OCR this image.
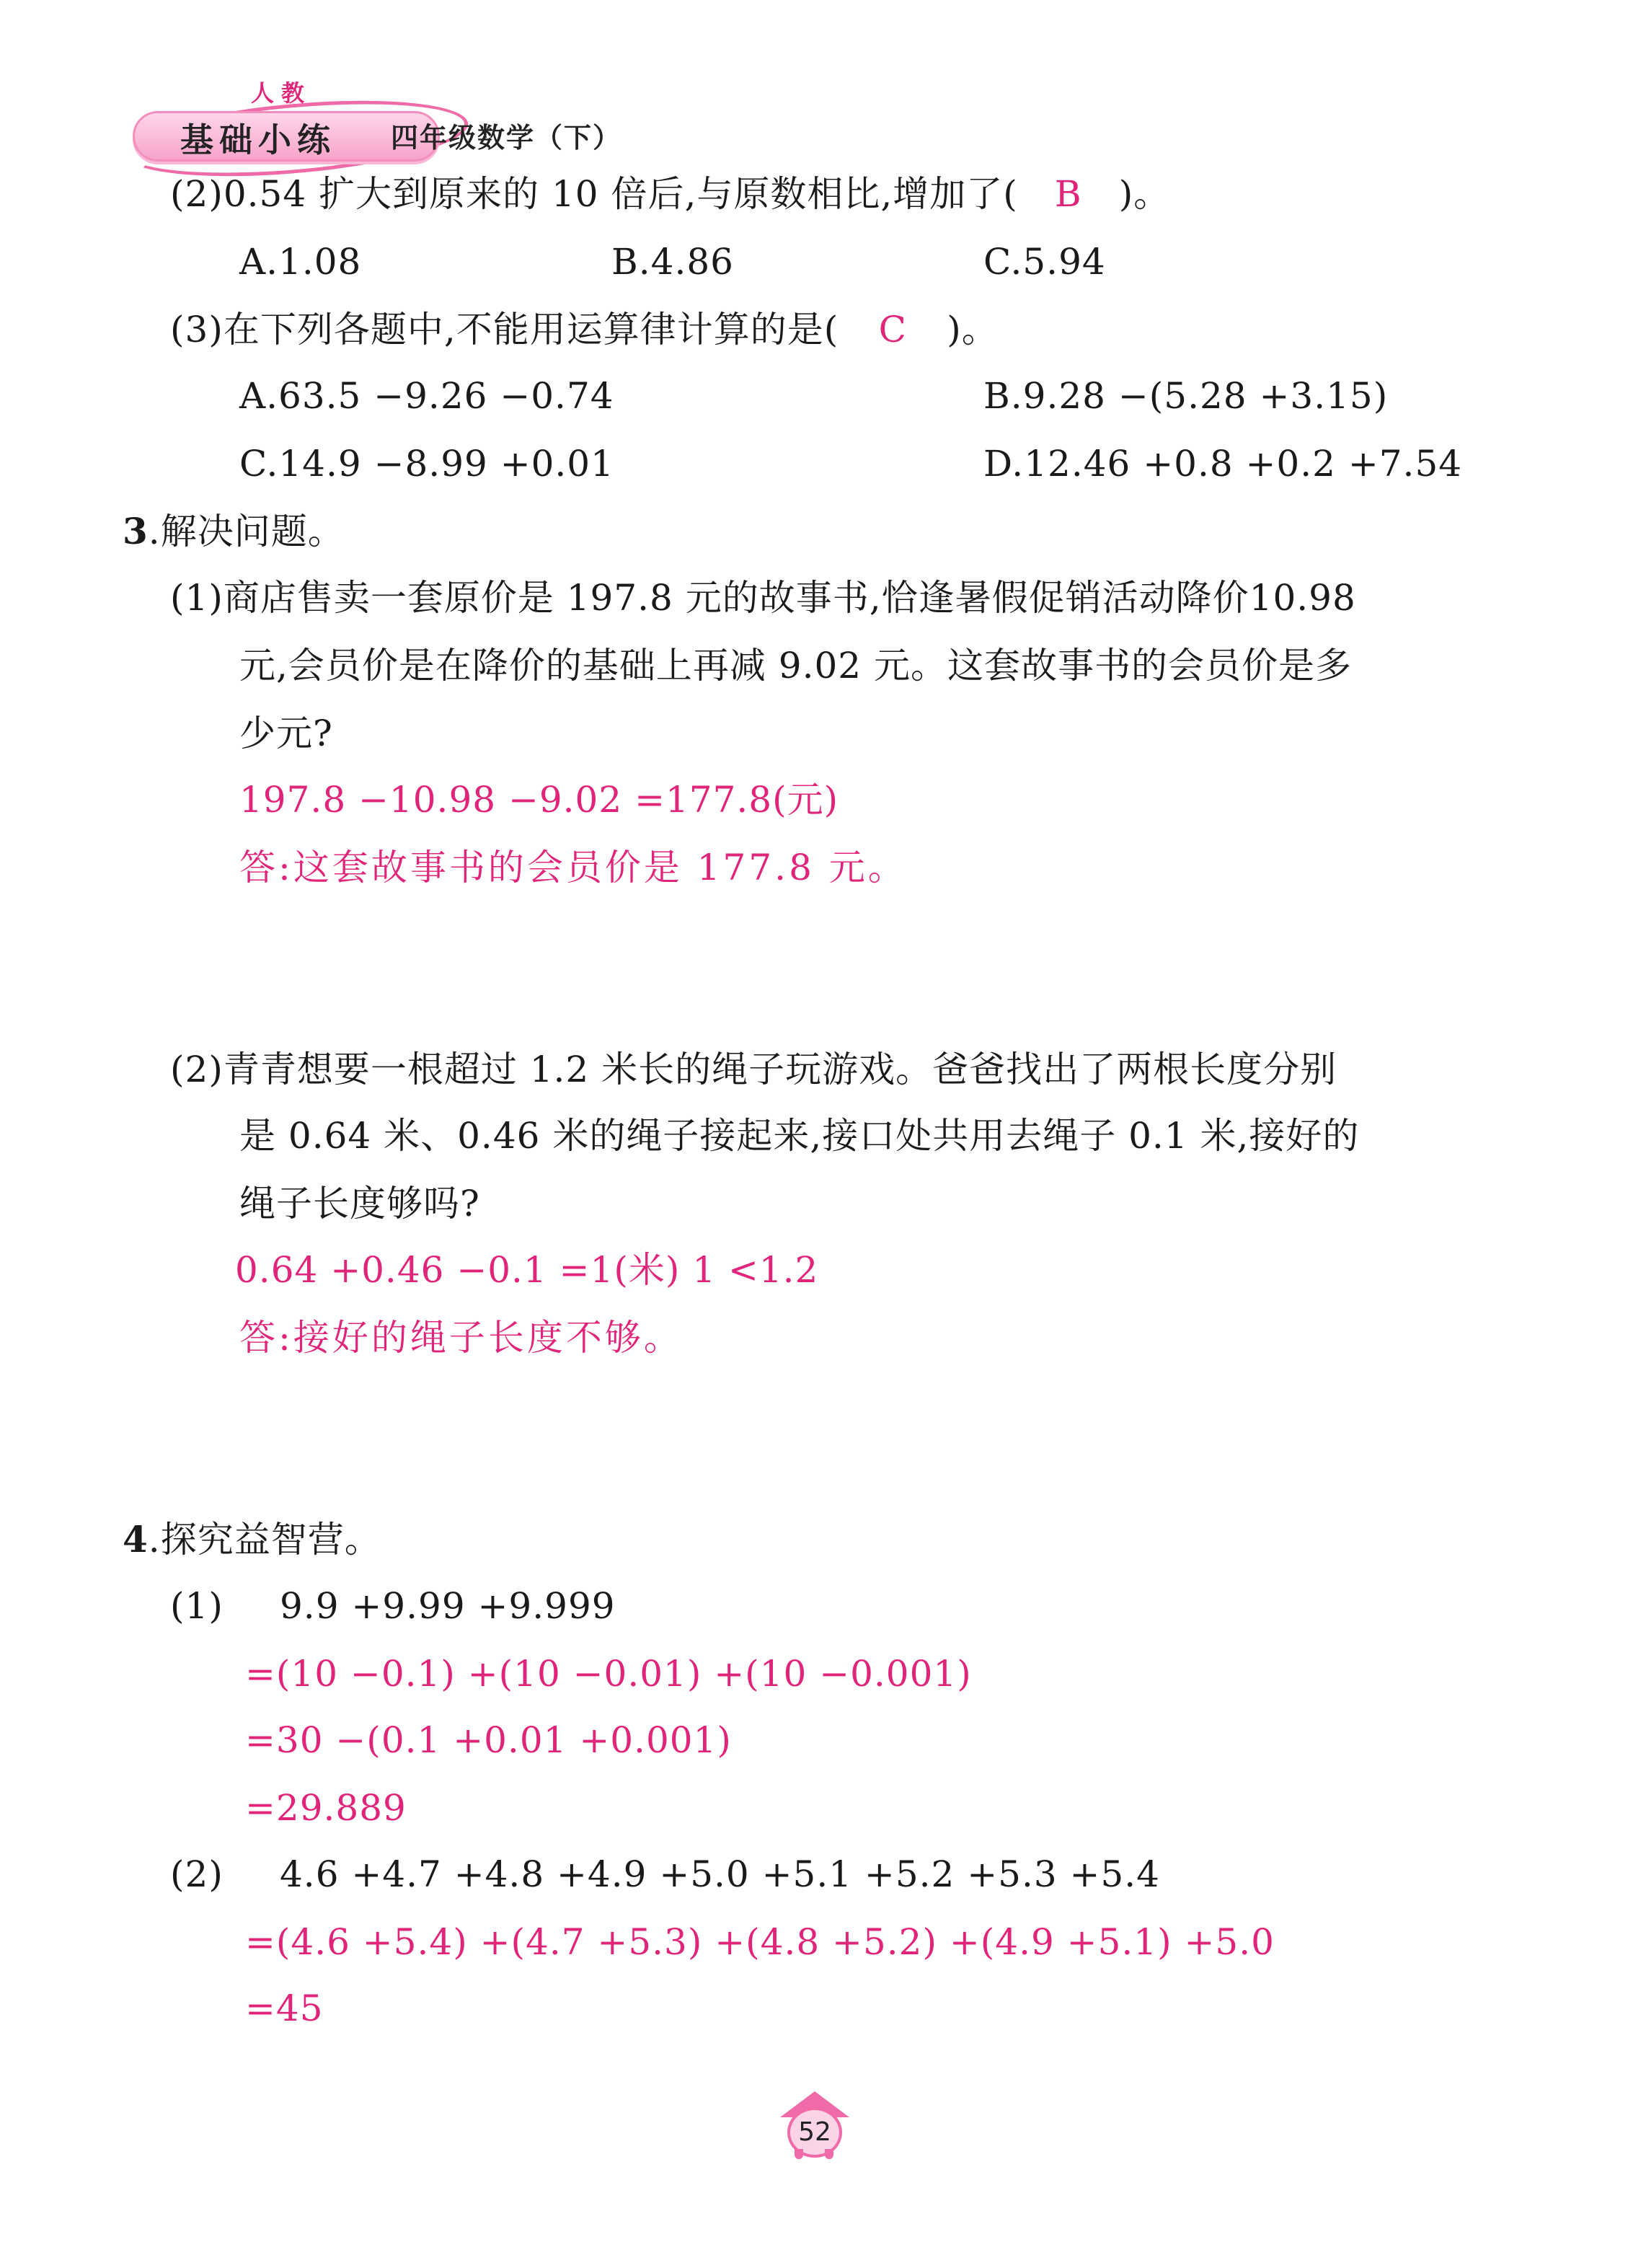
人教
基础小练 四年级数学（下）
(2)0.54 扩大到原来的 10 倍后,与原数相比,增加了( B )。
A.1.08	B.4.86	C.5.94
(3)在下列各题中,不能用运算律计算的是( C )。
A.63.5 −9.26 −0.74	B.9.28 −(5.28 +3.15)
C.14.9 −8.99 +0.01	D.12.46 +0.8 +0.2 +7.54
3.解决问题。
(1)商店售卖一套原价是 197.8 元的故事书,恰逢暑假促销活动降价10.98
元,会员价是在降价的基础上再减 9.02 元。这套故事书的会员价是多
少元?
197.8 −10.98 −9.02 =177.8(元)
答:这套故事书的会员价是 177.8 元。
(2)青青想要一根超过 1.2 米长的绳子玩游戏。爸爸找出了两根长度分别
是 0.64 米、0.46 米的绳子接起来,接口处共用去绳子 0.1 米,接好的
绳子长度够吗?
0.64 +0.46 −0.1 =1(米) 1 <1.2
答:接好的绳子长度不够。
4.探究益智营。
(1) 9.9 +9.99 +9.999
=(10 −0.1) +(10 −0.01) +(10 −0.001)
=30 −(0.1 +0.01 +0.001)
=29.889
(2) 4.6 +4.7 +4.8 +4.9 +5.0 +5.1 +5.2 +5.3 +5.4
=(4.6 +5.4) +(4.7 +5.3) +(4.8 +5.2) +(4.9 +5.1) +5.0
=45
52
